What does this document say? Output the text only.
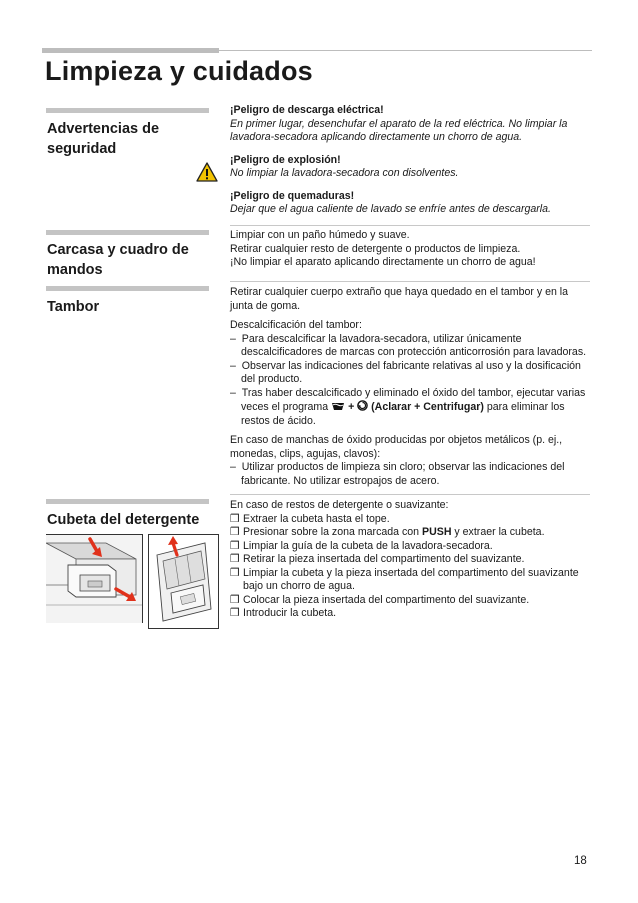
Limpieza y cuidados
Advertencias de seguridad

¡Peligro de descarga eléctrica!

En primer lugar, desenchufar el aparato de la red eléctrica. No limpiar la lavadora-secadora aplicando directamente un chorro de agua.

¡Peligro de explosión!

No limpiar la lavadora-secadora con disolventes.

¡Peligro de quemaduras!

Dejar que el agua caliente de lavado se enfríe antes de descargarla.

Carcasa y cuadro de mandos

Limpiar con un paño húmedo y suave.

Retirar cualquier resto de detergente o productos de limpieza.

¡No limpiar el aparato aplicando directamente un chorro de agua!

Tambor

Retirar cualquier cuerpo extraño que haya quedado en el tambor y en la junta de goma.

Descalcificación del tambor:

–  Para descalcificar la lavadora-secadora, utilizar únicamente descalcificadores de marcas con protección anticorrosión para lavadoras.

–  Observar las indicaciones del fabricante relativas al uso y la dosificación del producto.

–  Tras haber descalcificado y eliminado el óxido del tambor, ejecutar varias veces el programa + (Aclarar + Centrifugar) para eliminar los restos de ácido.

En caso de manchas de óxido producidas por objetos metálicos (p. ej., monedas, clips, agujas, clavos):

–  Utilizar productos de limpieza sin cloro; observar las indicaciones del fabricante. No utilizar estropajos de acero.

Cubeta del detergente

En caso de restos de detergente o suavizante:

❒ Extraer la cubeta hasta el tope.

❒ Presionar sobre la zona marcada con PUSH y extraer la cubeta.

❒ Limpiar la guía de la cubeta de la lavadora-secadora.

❒ Retirar la pieza insertada del compartimento del suavizante.

❒ Limpiar la cubeta y la pieza insertada del compartimento del suavizante bajo un chorro de agua.

❒ Colocar la pieza insertada del compartimento del suavizante.

❒ Introducir la cubeta.

18
